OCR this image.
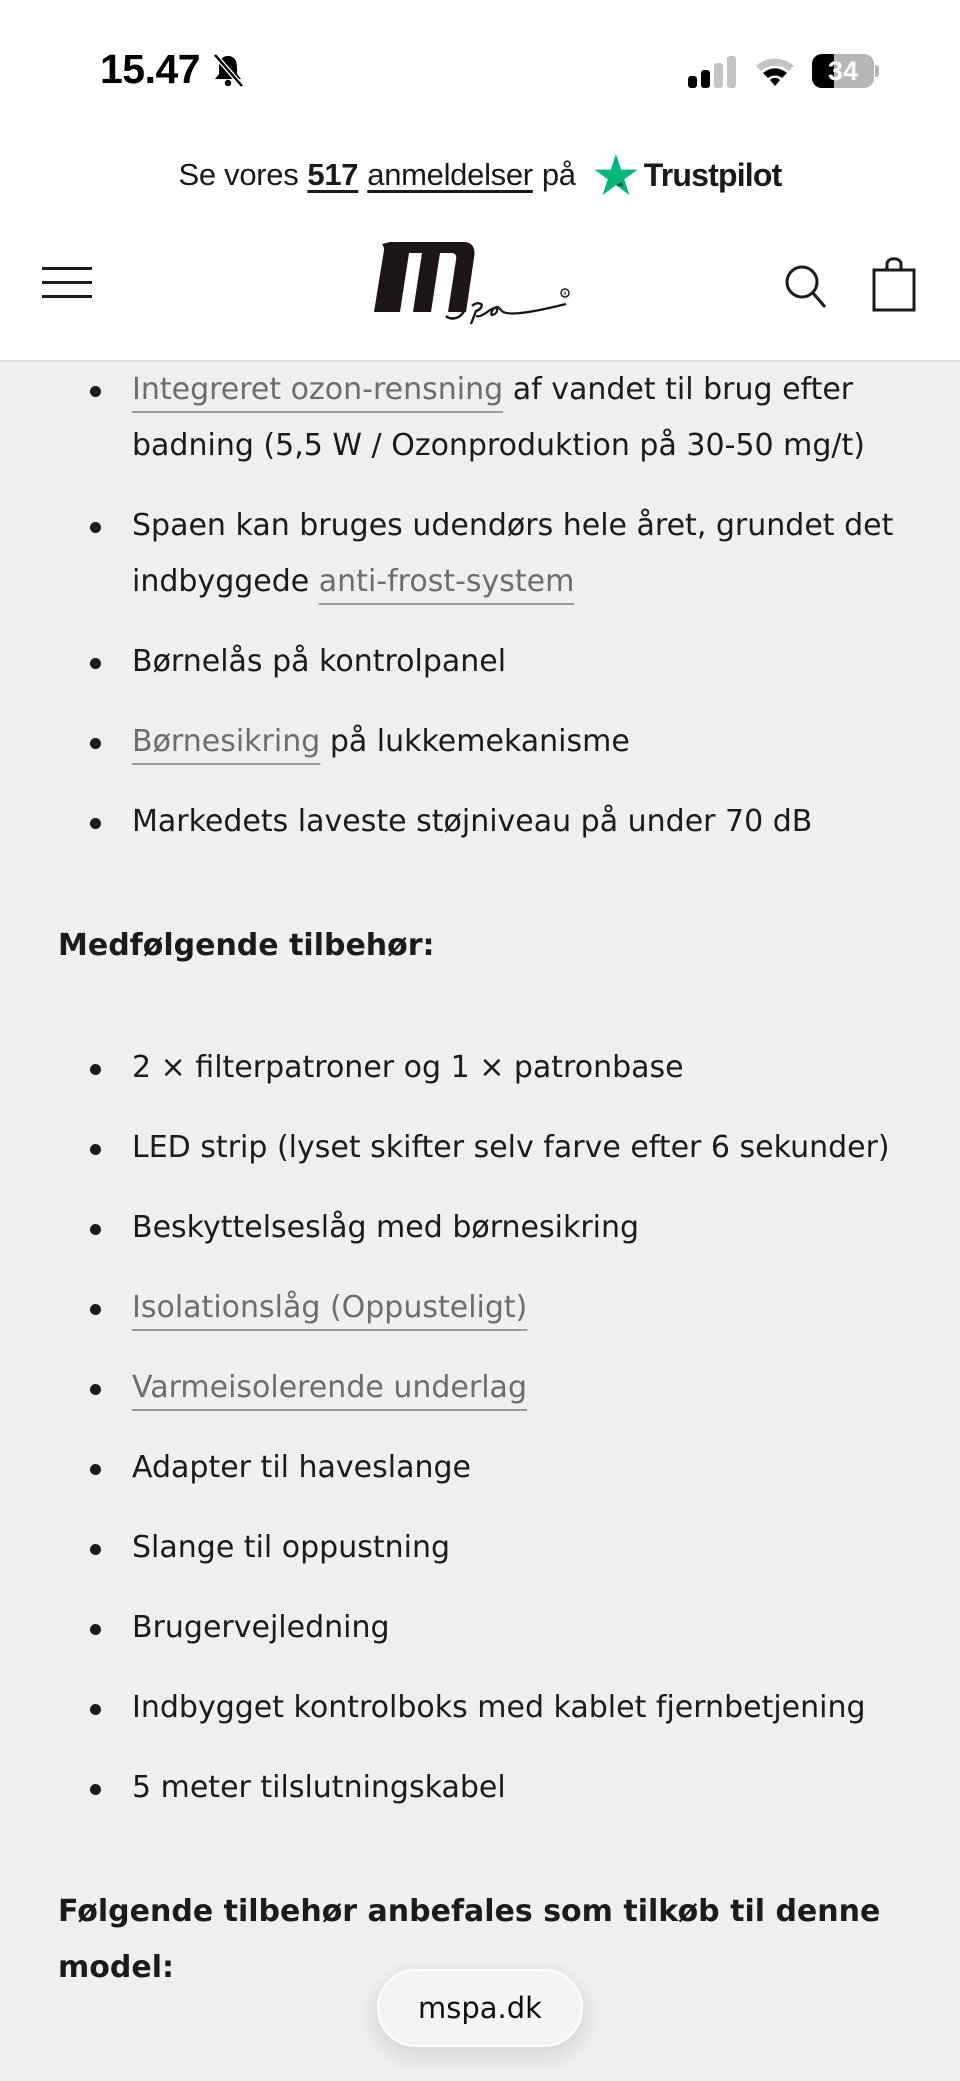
15.47	34
Se vores 517 anmeldelser på Trustpilot
R
Integreret ozon-rensning af vandet til brug efter badning (5,5 W / Ozonproduktion på 30-50 mg/t)
Spaen kan bruges udendørs hele året, grundet det indbyggede anti-frost-system
Børnelås på kontrolpanel
Børnesikring på lukkemekanisme
Markedets laveste støjniveau på under 70 dB
Medfølgende tilbehør:
2 × filterpatroner og 1 × patronbase
LED strip (lyset skifter selv farve efter 6 sekunder)
Beskyttelseslåg med børnesikring
Isolationslåg (Oppusteligt)
Varmeisolerende underlag
Adapter til haveslange
Slange til oppustning
Brugervejledning
Indbygget kontrolboks med kablet fjernbetjening
5 meter tilslutningskabel
Følgende tilbehør anbefales som tilkøb til denne model:
mspa.dk
